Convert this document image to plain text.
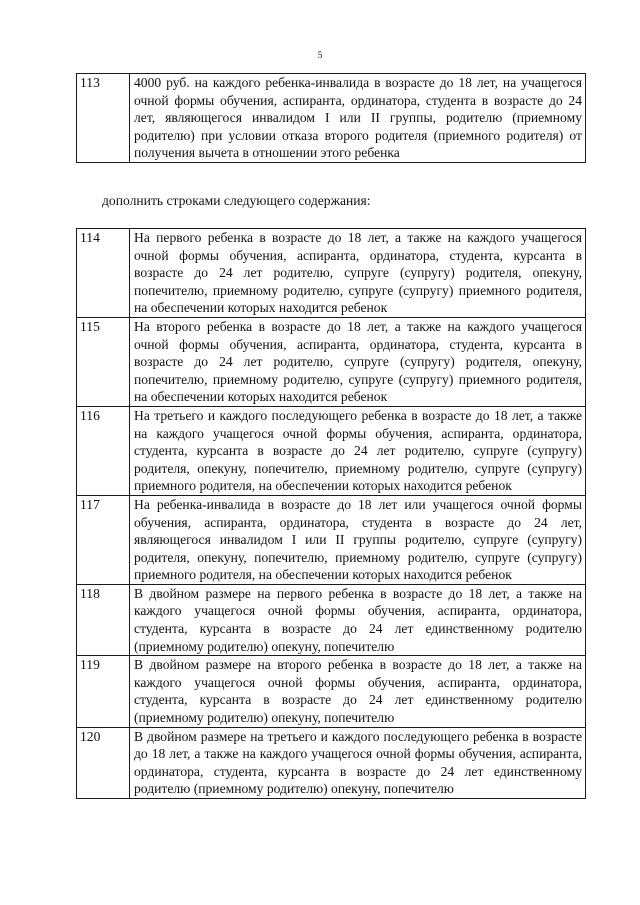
5
113	4000 руб. на каждого ребенка-инвалида в возрасте до 18 лет, на учащегося очной формы обучения, аспиранта, ординатора, студента в возрасте до 24 лет, являющегося инвалидом I или II группы, родителю (приемному родителю) при условии отказа второго родителя (приемного родителя) от получения вычета в отношении этого ребенка
дополнить строками следующего содержания:
114	На первого ребенка в возрасте до 18 лет, а также на каждого учащегося очной формы обучения, аспиранта, ординатора, студента, курсанта в возрасте до 24 лет родителю, супруге (супругу) родителя, опекуну, попечителю, приемному родителю, супруге (супругу) приемного родителя, на обеспечении которых находится ребенок
115	На второго ребенка в возрасте до 18 лет, а также на каждого учащегося очной формы обучения, аспиранта, ординатора, студента, курсанта в возрасте до 24 лет родителю, супруге (супругу) родителя, опекуну, попечителю, приемному родителю, супруге (супругу) приемного родителя, на обеспечении которых находится ребенок
116	На третьего и каждого последующего ребенка в возрасте до 18 лет, а также на каждого учащегося очной формы обучения, аспиранта, ординатора, студента, курсанта в возрасте до 24 лет родителю, супруге (супругу) родителя, опекуну, попечителю, приемному родителю, супруге (супругу) приемного родителя, на обеспечении которых находится ребенок
117	На ребенка-инвалида в возрасте до 18 лет или учащегося очной формы обучения, аспиранта, ординатора, студента в возрасте до 24 лет, являющегося инвалидом I или II группы родителю, супруге (супругу) родителя, опекуну, попечителю, приемному родителю, супруге (супругу) приемного родителя, на обеспечении которых находится ребенок
118	В двойном размере на первого ребенка в возрасте до 18 лет, а также на каждого учащегося очной формы обучения, аспиранта, ординатора, студента, курсанта в возрасте до 24 лет единственному родителю (приемному родителю) опекуну, попечителю
119	В двойном размере на второго ребенка в возрасте до 18 лет, а также на каждого учащегося очной формы обучения, аспиранта, ординатора, студента, курсанта в возрасте до 24 лет единственному родителю (приемному родителю) опекуну, попечителю
120	В двойном размере на третьего и каждого последующего ребенка в возрасте до 18 лет, а также на каждого учащегося очной формы обучения, аспиранта, ординатора, студента, курсанта в возрасте до 24 лет единственному родителю (приемному родителю) опекуну, попечителю
